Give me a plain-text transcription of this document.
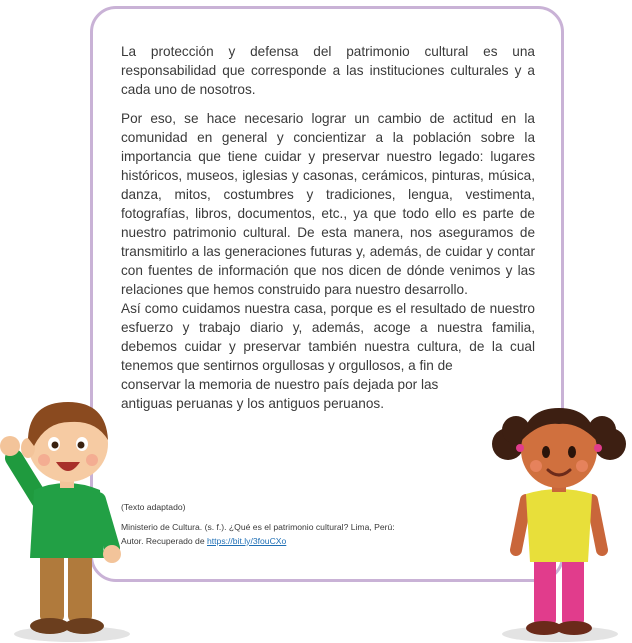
La protección y defensa del patrimonio cultural es una responsabilidad que corresponde a las instituciones culturales y a cada uno de nosotros.

Por eso, se hace necesario lograr un cambio de actitud en la comunidad en general y concientizar a la población sobre la importancia que tiene cuidar y preservar nuestro legado: lugares históricos, museos, iglesias y casonas, cerámicos, pinturas, música, danza, mitos, costumbres y tradiciones, lengua, vestimenta, fotografías, libros, documentos, etc., ya que todo ello es parte de nuestro patrimonio cultural. De esta manera, nos aseguramos de transmitirlo a las generaciones futuras y, además, de cuidar y contar con fuentes de información que nos dicen de dónde venimos y las relaciones que hemos construido para nuestro desarrollo.

Así como cuidamos nuestra casa, porque es el resultado de nuestro esfuerzo y trabajo diario y, además, acoge a nuestra familia, debemos cuidar y preservar también nuestra cultura, de la cual tenemos que sentirnos orgullosas y orgullosos, a fin de

conservar la memoria de nuestro país dejada por las
antiguas peruanas y los antiguos peruanos.
(Texto adaptado)
Ministerio de Cultura. (s. f.). ¿Qué es el patrimonio cultural? Lima, Perú:
Autor. Recuperado de https://bit.ly/3fouCXo
